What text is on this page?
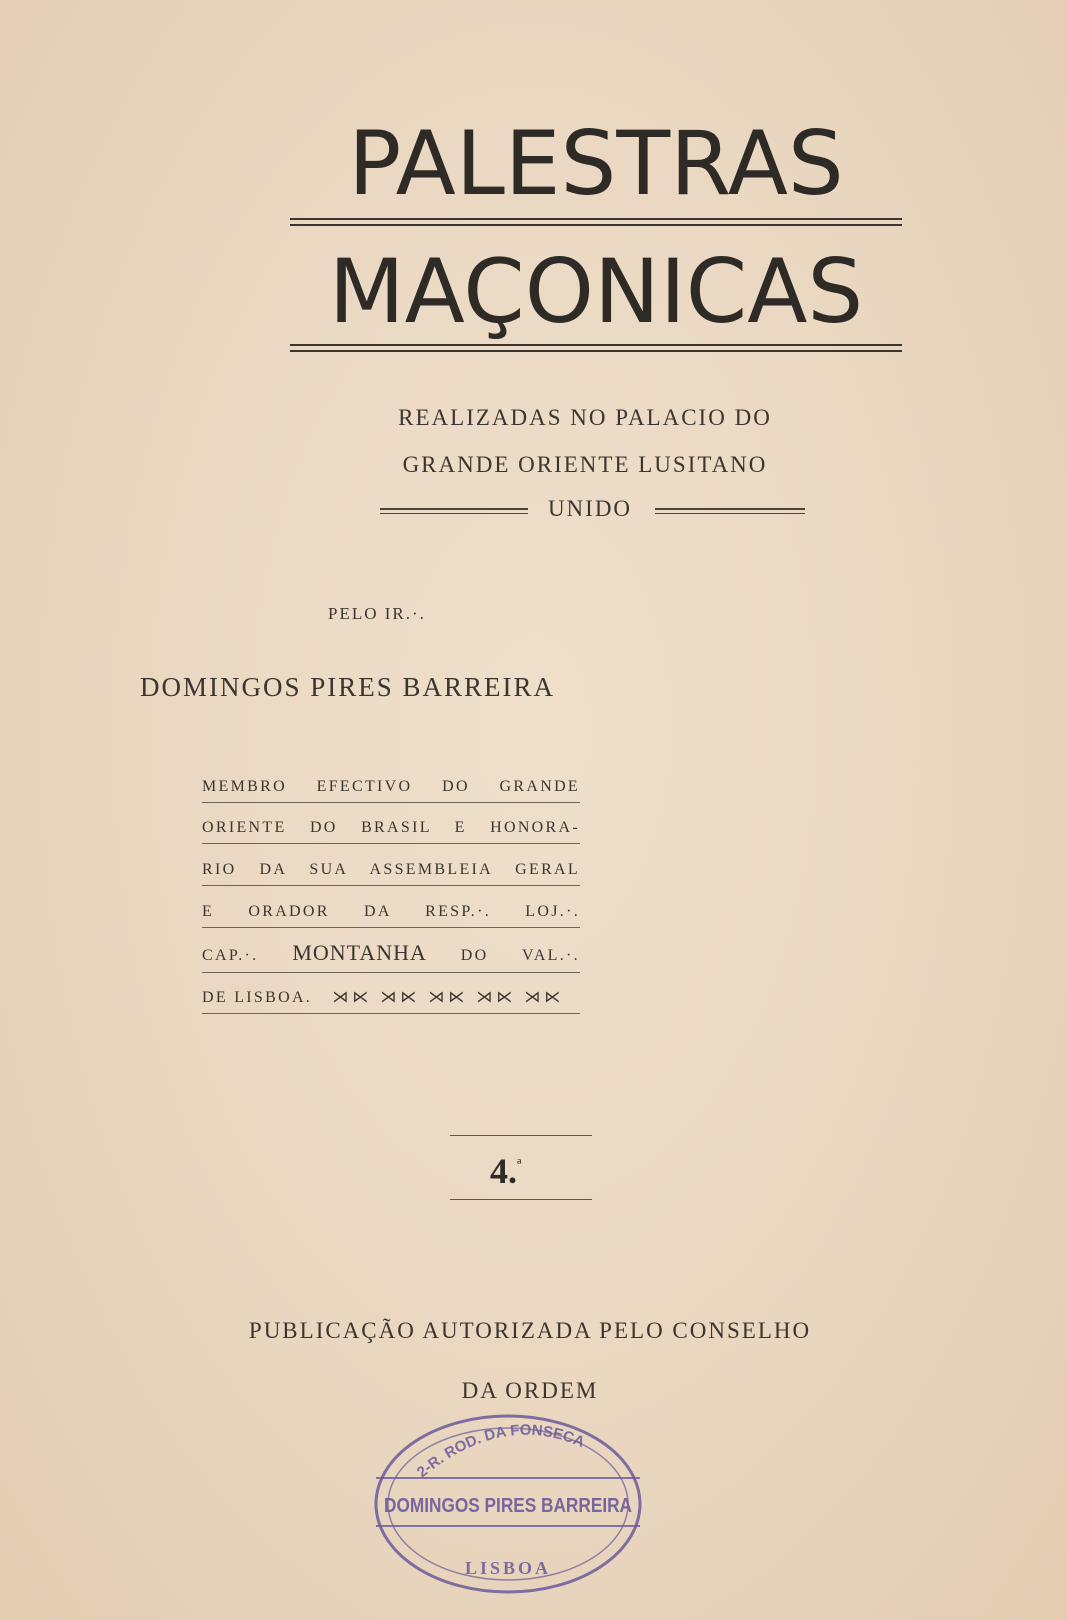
PALESTRAS
MAÇONICAS
REALIZADAS NO PALACIO DO
GRANDE ORIENTE LUSITANO
UNIDO
PELO IR.·.
DOMINGOS PIRES BARREIRA
MEMBRO EFECTIVO DO GRANDE
ORIENTE DO BRASIL E HONORA-
RIO DA SUA ASSEMBLEIA GERAL
E ORADOR DA RESP.·. LOJ.·.
CAP.·. MONTANHA DO VAL.·.
DE LISBOA. ⋊⋉ ⋊⋉ ⋊⋉ ⋊⋉ ⋊⋉
4.$^ª$
PUBLICAÇÃO AUTORIZADA PELO CONSELHO
DA ORDEM
2-R. ROD. DA FONSECA
DOMINGOS PIRES BARREIRA
LISBOA
